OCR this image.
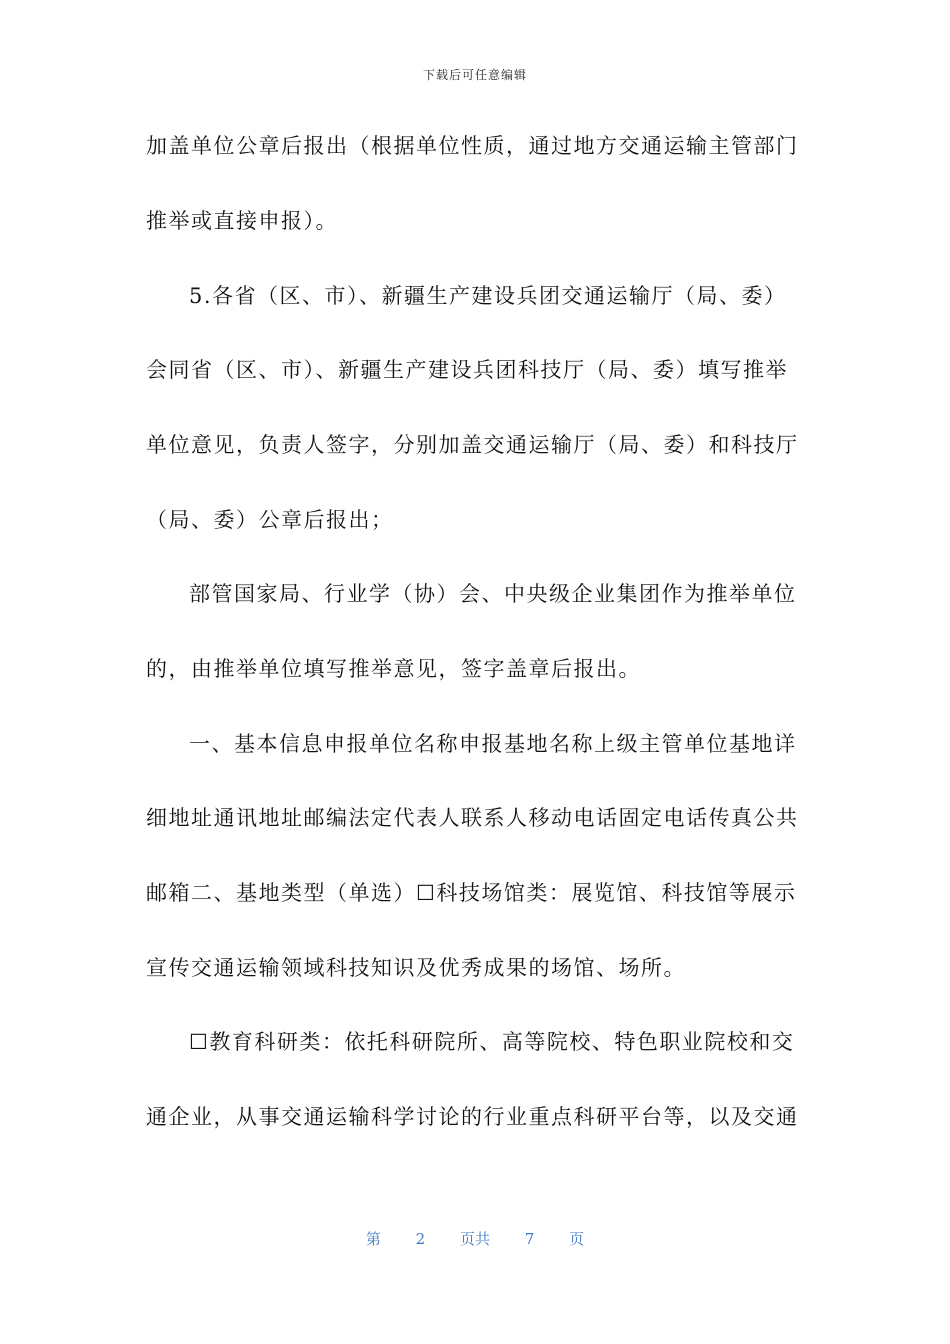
下载后可任意编辑
加盖单位公章后报出（根据单位性质，通过地方交通运输主管部门
推举或直接申报）。
5.各省（区、市）、新疆生产建设兵团交通运输厅（局、委）
会同省（区、市）、新疆生产建设兵团科技厅（局、委）填写推举
单位意见，负责人签字，分别加盖交通运输厅（局、委）和科技厅
（局、委）公章后报出；
部管国家局、行业学（协）会、中央级企业集团作为推举单位
的，由推举单位填写推举意见，签字盖章后报出。
一、基本信息申报单位名称申报基地名称上级主管单位基地详
细地址通讯地址邮编法定代表人联系人移动电话固定电话传真公共
邮箱二、基地类型（单选）☐科技场馆类：展览馆、科技馆等展示
宣传交通运输领域科技知识及优秀成果的场馆、场所。
☐教育科研类：依托科研院所、高等院校、特色职业院校和交
通企业，从事交通运输科学讨论的行业重点科研平台等，以及交通
第 2 页共 7 页
